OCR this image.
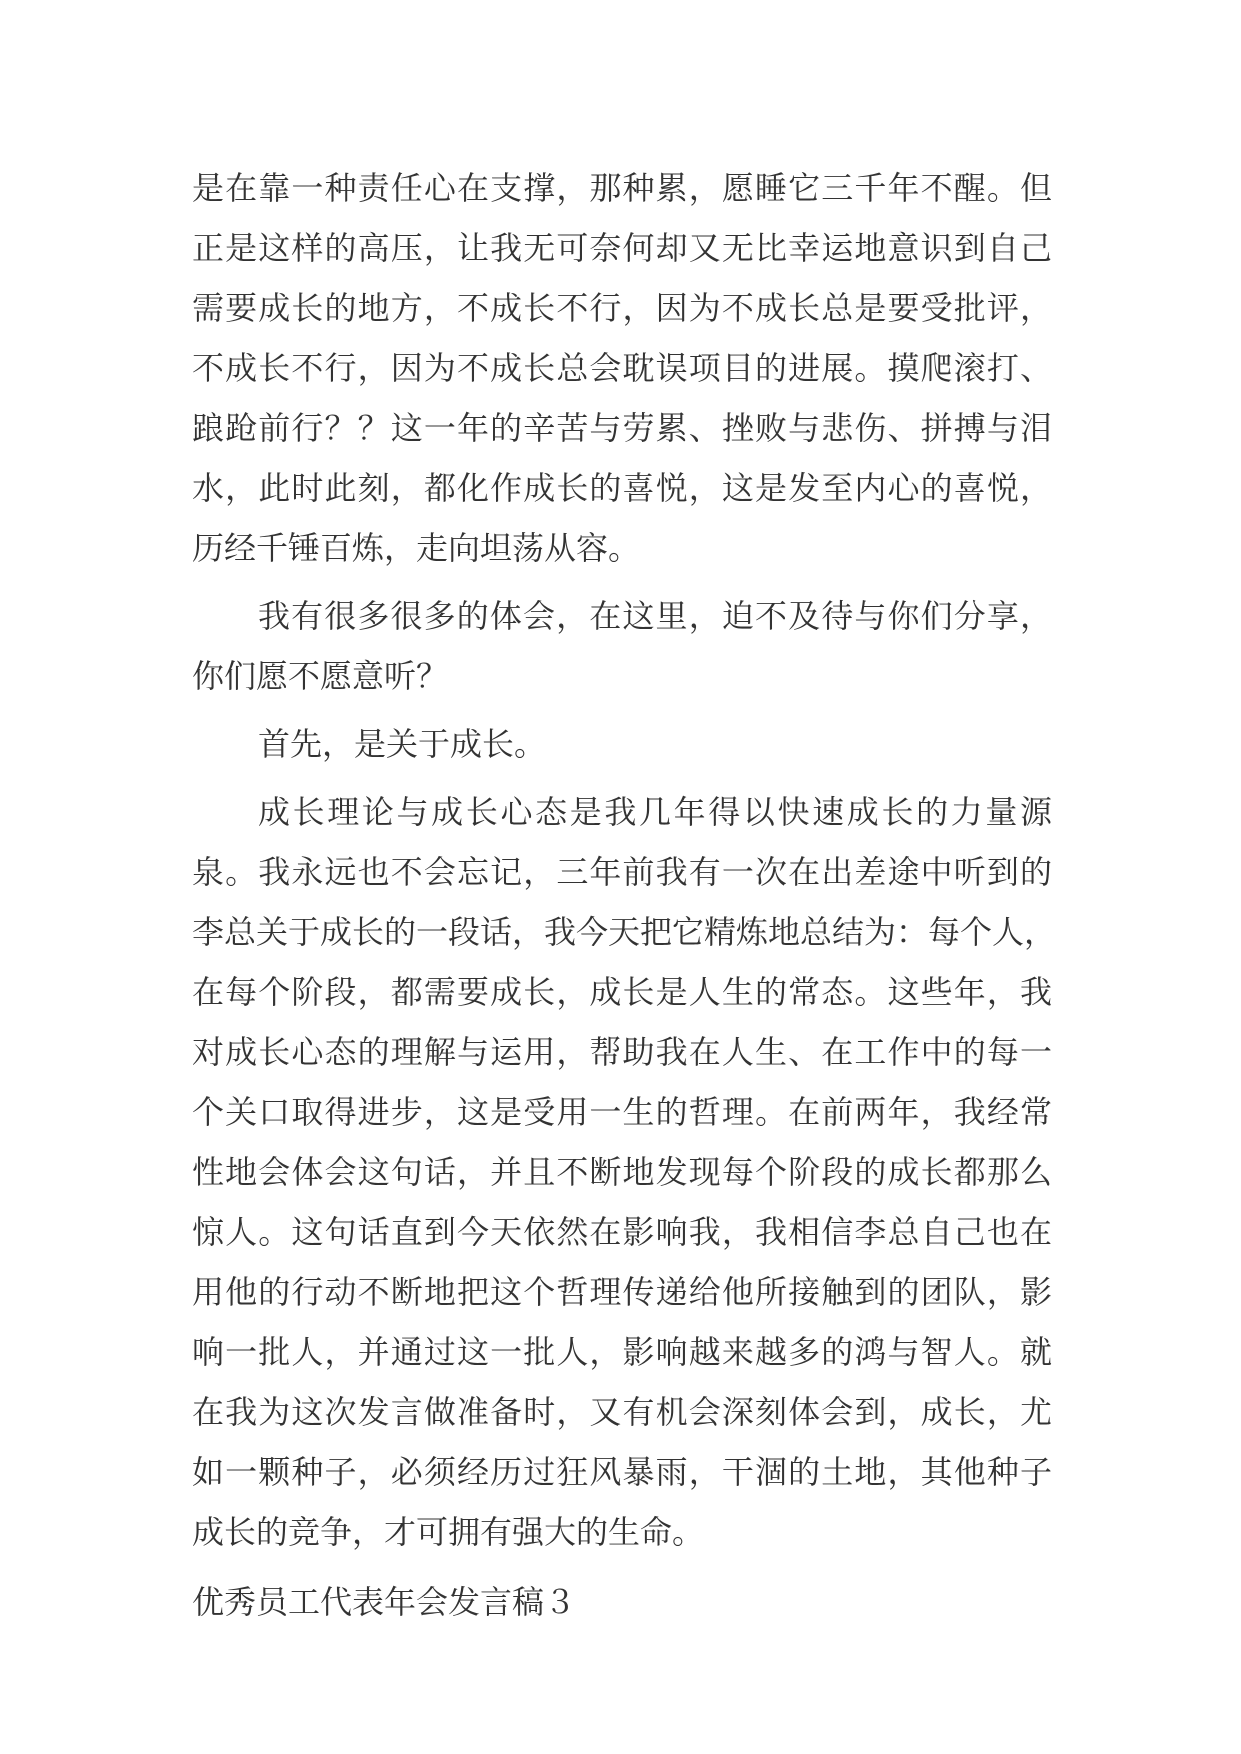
是在靠一种责任心在支撑，那种累，愿睡它三千年不醒。但
正是这样的高压，让我无可奈何却又无比幸运地意识到自己
需要成长的地方，不成长不行，因为不成长总是要受批评，
不成长不行，因为不成长总会耽误项目的进展。摸爬滚打、
踉跄前行？？这一年的辛苦与劳累、挫败与悲伤、拼搏与泪
水，此时此刻，都化作成长的喜悦，这是发至内心的喜悦，
历经千锤百炼，走向坦荡从容。
我有很多很多的体会，在这里，迫不及待与你们分享，
你们愿不愿意听？
首先，是关于成长。
成长理论与成长心态是我几年得以快速成长的力量源
泉。我永远也不会忘记，三年前我有一次在出差途中听到的
李总关于成长的一段话，我今天把它精炼地总结为：每个人，
在每个阶段，都需要成长，成长是人生的常态。这些年，我
对成长心态的理解与运用，帮助我在人生、在工作中的每一
个关口取得进步，这是受用一生的哲理。在前两年，我经常
性地会体会这句话，并且不断地发现每个阶段的成长都那么
惊人。这句话直到今天依然在影响我，我相信李总自己也在
用他的行动不断地把这个哲理传递给他所接触到的团队，影
响一批人，并通过这一批人，影响越来越多的鸿与智人。就
在我为这次发言做准备时，又有机会深刻体会到，成长，尤
如一颗种子，必须经历过狂风暴雨，干涸的土地，其他种子
成长的竞争，才可拥有强大的生命。
优秀员工代表年会发言稿３
